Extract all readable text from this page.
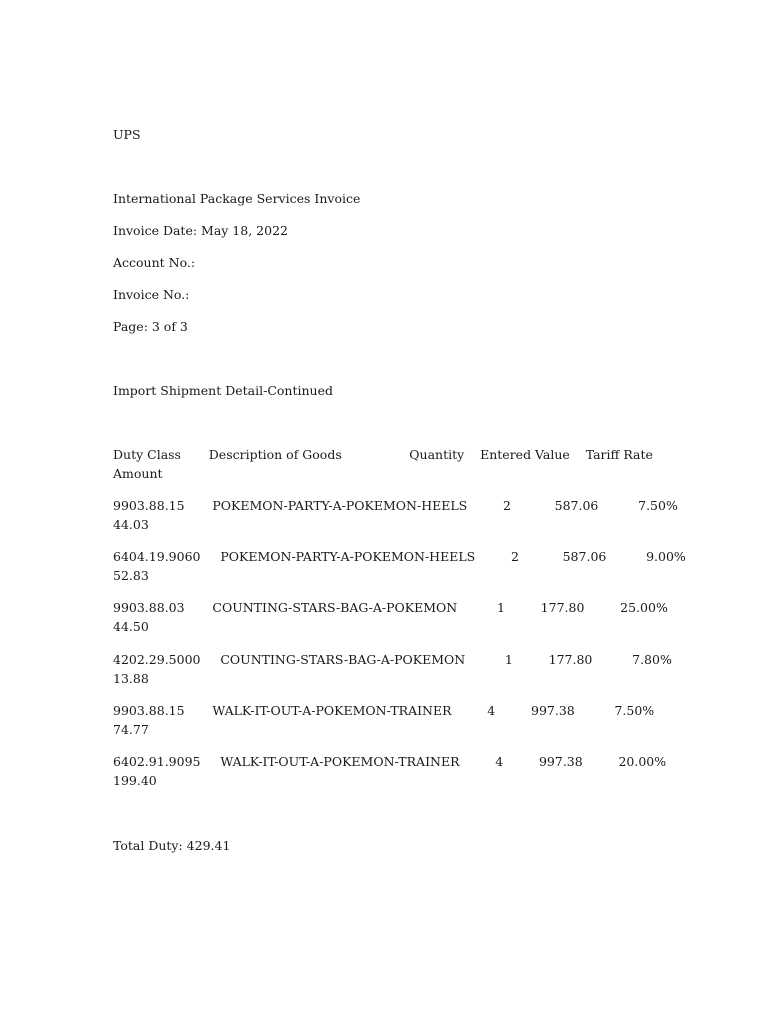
UPS
International Package Services Invoice
Invoice Date: May 18, 2022
Account No.:
Invoice No.:
Page: 3 of 3
Import Shipment Detail-Continued
Duty Class       Description of Goods                 Quantity    Entered Value    Tariff Rate
Amount
9903.88.15       POKEMON-PARTY-A-POKEMON-HEELS         2           587.06          7.50%
44.03
6404.19.9060     POKEMON-PARTY-A-POKEMON-HEELS         2           587.06          9.00%
52.83
9903.88.03       COUNTING-STARS-BAG-A-POKEMON          1         177.80         25.00%
44.50
4202.29.5000     COUNTING-STARS-BAG-A-POKEMON          1         177.80          7.80%
13.88
9903.88.15       WALK-IT-OUT-A-POKEMON-TRAINER         4         997.38          7.50%
74.77
6402.91.9095     WALK-IT-OUT-A-POKEMON-TRAINER         4         997.38         20.00%
199.40
Total Duty: 429.41
